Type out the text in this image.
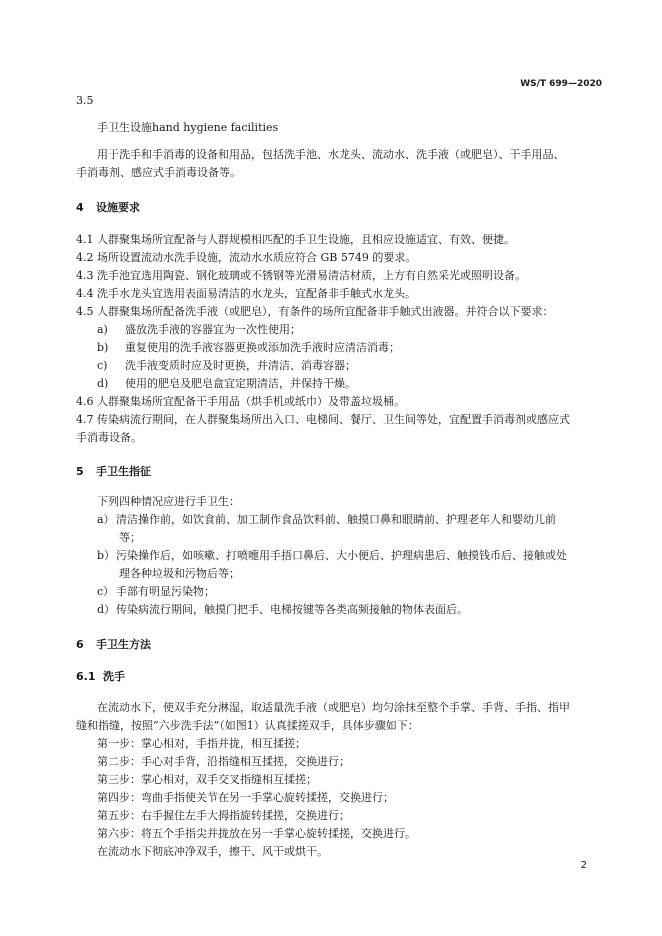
WS/T 699—2020
3.5
手卫生设施hand hygiene facilities
用于洗手和手消毒的设备和用品，包括洗手池、水龙头、流动水、洗手液（或肥皂）、干手用品、
手消毒剂、感应式手消毒设备等。
4 设施要求
4.1 人群聚集场所宜配备与人群规模相匹配的手卫生设施，且相应设施适宜、有效、便捷。
4.2 场所设置流动水洗手设施，流动水水质应符合 GB 5749 的要求。
4.3 洗手池宜选用陶瓷、钢化玻璃或不锈钢等光滑易清洁材质，上方有自然采光或照明设备。
4.4 洗手水龙头宜选用表面易清洁的水龙头，宜配备非手触式水龙头。
4.5 人群聚集场所配备洗手液（或肥皂），有条件的场所宜配备非手触式出液器。并符合以下要求：
a) 盛放洗手液的容器宜为一次性使用；
b) 重复使用的洗手液容器更换或添加洗手液时应清洁消毒；
c) 洗手液变质时应及时更换，并清洁、消毒容器；
d) 使用的肥皂及肥皂盒宜定期清洁，并保持干燥。
4.6 人群聚集场所宜配备干手用品（烘手机或纸巾）及带盖垃圾桶。
4.7 传染病流行期间，在人群聚集场所出入口、电梯间、餐厅、卫生间等处，宜配置手消毒剂或感应式
手消毒设备。
5 手卫生指征
下列四种情况应进行手卫生：
a）清洁操作前，如饮食前、加工制作食品饮料前、触摸口鼻和眼睛前、护理老年人和婴幼儿前
等；
b）污染操作后，如咳嗽、打喷嚏用手捂口鼻后、大小便后、护理病患后、触摸钱币后、接触或处
理各种垃圾和污物后等；
c） 手部有明显污染物；
d）传染病流行期间，触摸门把手、电梯按键等各类高频接触的物体表面后。
6 手卫生方法
6.1 洗手
在流动水下，使双手充分淋湿，取适量洗手液（或肥皂）均匀涂抹至整个手掌、手背、手指、指甲
缝和指缝，按照“六步洗手法”（如图1）认真揉搓双手，具体步骤如下：
第一步：掌心相对，手指并拢，相互揉搓；
第二步：手心对手背，沿指缝相互揉搓，交换进行；
第三步：掌心相对，双手交叉指缝相互揉搓；
第四步：弯曲手指使关节在另一手掌心旋转揉搓，交换进行；
第五步：右手握住左手大拇指旋转揉搓，交换进行；
第六步：将五个手指尖并拢放在另一手掌心旋转揉搓，交换进行。
在流动水下彻底冲净双手，擦干、风干或烘干。
2
